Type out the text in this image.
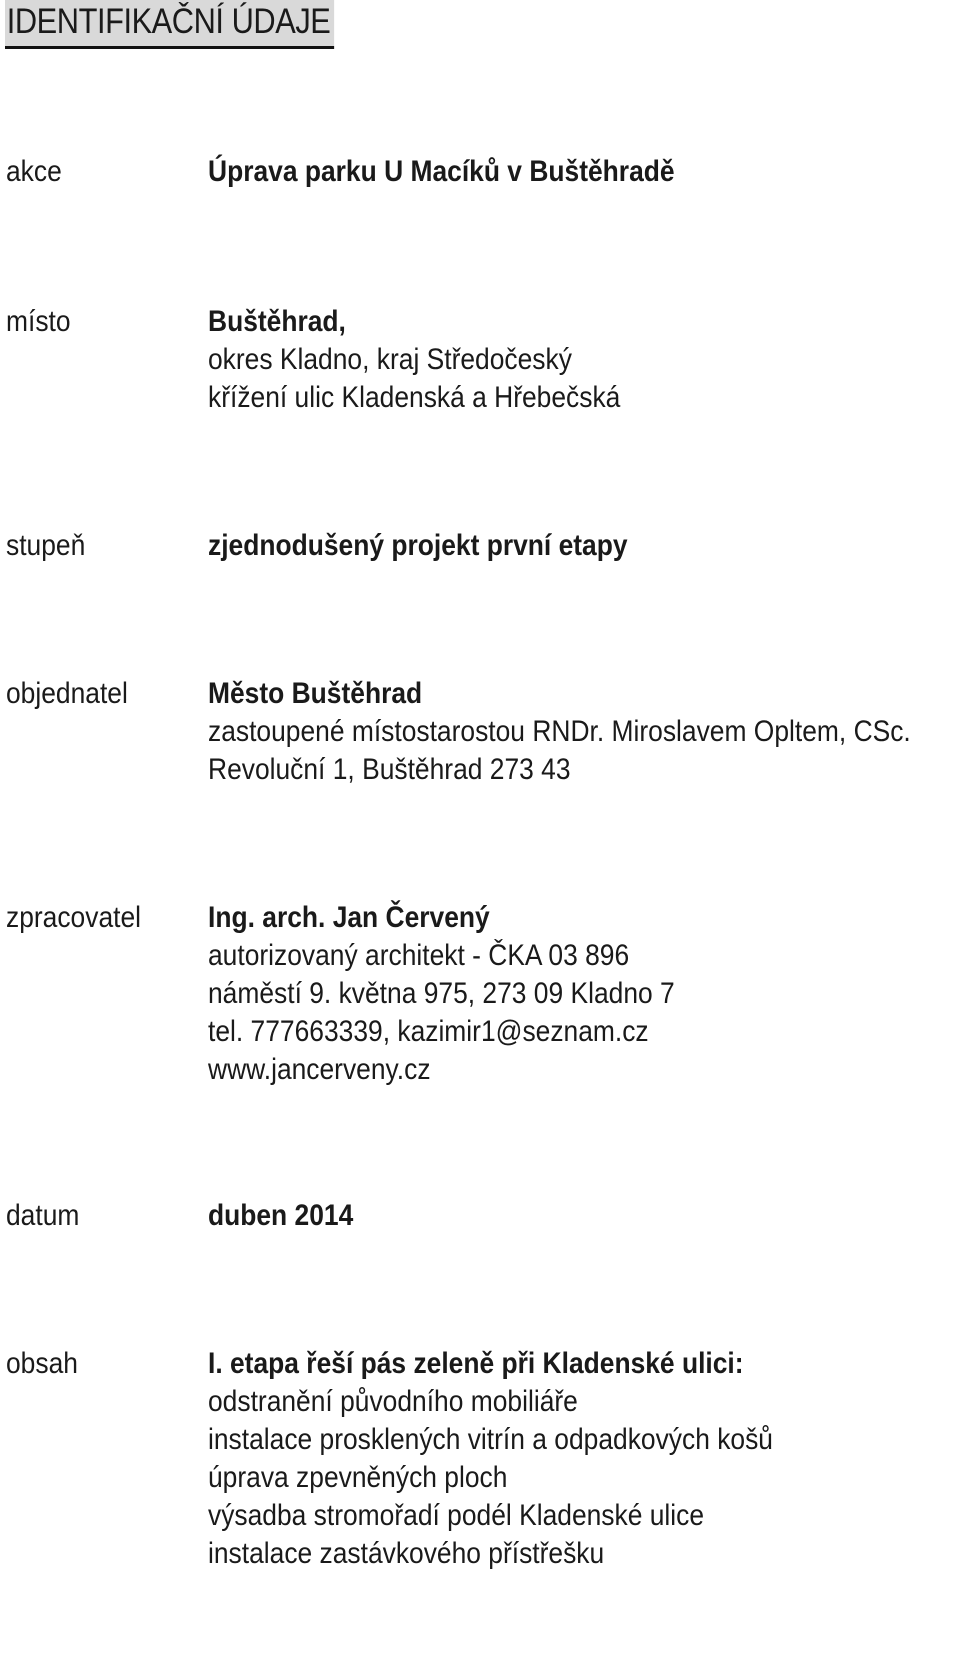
IDENTIFIKAČNÍ ÚDAJE
akce	Úprava parku U Macíků v Buštěhradě
místo	Buštěhrad,
okres Kladno, kraj Středočeský
křížení ulic Kladenská a Hřebečská
stupeň	zjednodušený projekt první etapy
objednatel	Město Buštěhrad
zastoupené místostarostou RNDr. Miroslavem Opltem, CSc.
Revoluční 1, Buštěhrad 273 43
zpracovatel Ing. arch. Jan Červený
autorizovaný architekt - ČKA 03 896
náměstí 9. května 975, 273 09 Kladno 7
tel. 777663339, kazimir1@seznam.cz
www.jancerveny.cz
datum	duben 2014
obsah	I. etapa řeší pás zeleně při Kladenské ulici:
odstranění původního mobiliáře
instalace prosklených vitrín a odpadkových košů
úprava zpevněných ploch
výsadba stromořadí podél Kladenské ulice
instalace zastávkového přístřešku
